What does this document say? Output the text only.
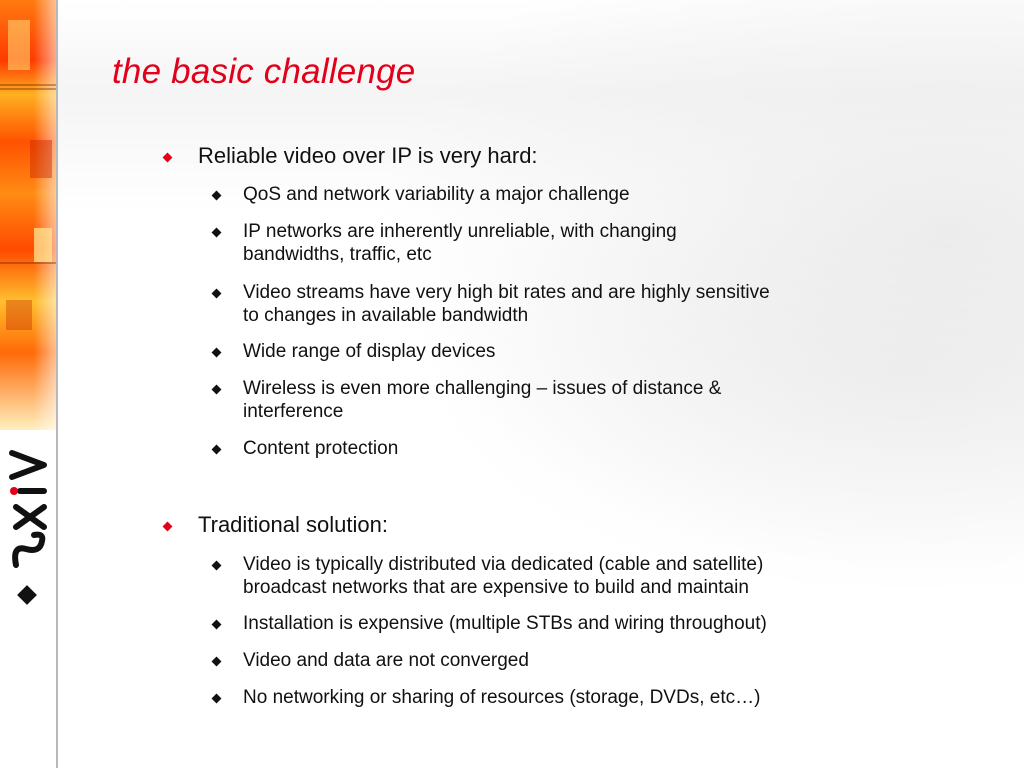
the basic challenge
Reliable video over IP is very hard:
QoS and network variability a major challenge
IP networks are inherently unreliable, with changing
bandwidths, traffic, etc
Video streams have very high bit rates and are highly sensitive
to changes in available bandwidth
Wide range of display devices
Wireless is even more challenging – issues of distance &
interference
Content protection
Traditional solution:
Video is typically distributed via dedicated (cable and satellite)
broadcast networks that are expensive to build and maintain
Installation is expensive (multiple STBs and wiring throughout)
Video and data are not converged
No networking or sharing of resources (storage, DVDs, etc…)
